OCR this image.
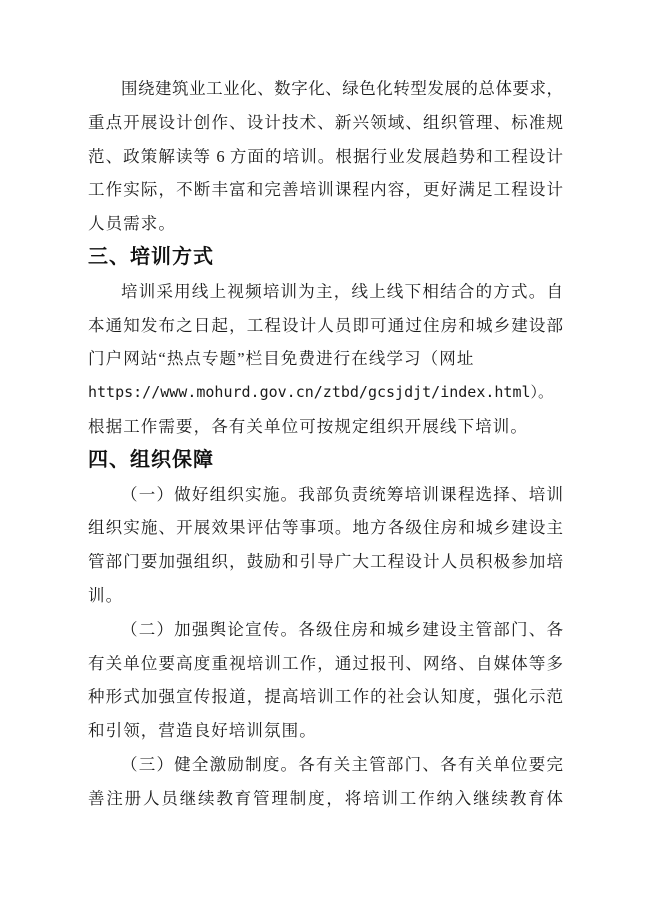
围绕建筑业工业化、数字化、绿色化转型发展的总体要求，
重点开展设计创作、设计技术、新兴领域、组织管理、标准规
范、政策解读等 6 方面的培训。根据行业发展趋势和工程设计
工作实际，不断丰富和完善培训课程内容，更好满足工程设计
人员需求。
三、培训方式
培训采用线上视频培训为主，线上线下相结合的方式。自
本通知发布之日起，工程设计人员即可通过住房和城乡建设部
门户网站“热点专题”栏目免费进行在线学习（网址
https://www.mohurd.gov.cn/ztbd/gcsjdjt/index.html）。
根据工作需要，各有关单位可按规定组织开展线下培训。
四、组织保障
（一）做好组织实施。我部负责统筹培训课程选择、培训
组织实施、开展效果评估等事项。地方各级住房和城乡建设主
管部门要加强组织，鼓励和引导广大工程设计人员积极参加培
训。
（二）加强舆论宣传。各级住房和城乡建设主管部门、各
有关单位要高度重视培训工作，通过报刊、网络、自媒体等多
种形式加强宣传报道，提高培训工作的社会认知度，强化示范
和引领，营造良好培训氛围。
（三）健全激励制度。各有关主管部门、各有关单位要完
善注册人员继续教育管理制度，将培训工作纳入继续教育体
